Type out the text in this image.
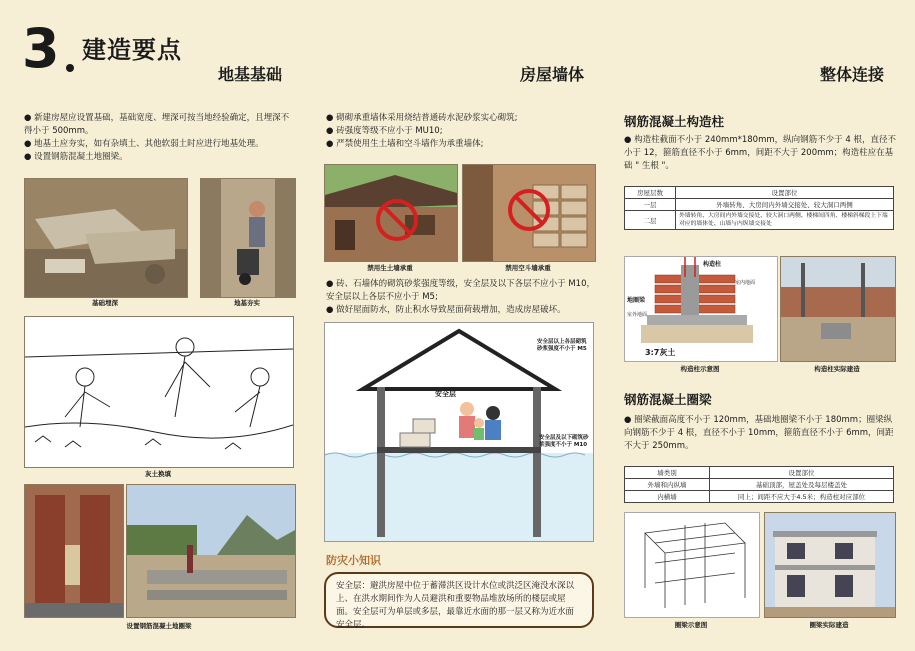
3 建造要点
地基基础	房屋墙体	整体连接
● 新建房屋应设置基础，基础宽度、埋深可按当地经验确定，且埋深不得小于 500mm。
● 地基土应夯实，如有杂填土、其他软弱土时应进行地基处理。
● 设置钢筋混凝土地圈梁。
基础埋深	地基夯实
灰土换填
设置钢筋混凝土地圈梁
● 砌砌承重墙体采用烧结普通砖水泥砂浆实心砌筑;
● 砖强度等级不应小于 MU10;
● 严禁使用生土墙和空斗墙作为承重墙体;
禁用生土墙承重	禁用空斗墙承重
● 砖、石墙体的砌筑砂浆强度等级，安全层及以下各层不应小于 M10，安全层以上各层不应小于 M5;
● 做好屋面防水，防止积水导致屋面荷载增加，造成房屋破坏。
安全层以上各层砌筑砂浆强度不小于 M5
安全层
安全层及以下砌筑砂浆强度不小于 M10
防灾小知识
安全层：避洪房屋中位于蓄滞洪区设计水位或洪泛区淹没水深以上、在洪水期间作为人员避洪和重要物品堆放场所的楼层或屋面。安全层可为单层或多层，最靠近水面的那一层又称为近水面安全层。
钢筋混凝土构造柱
● 构造柱截面不小于 240mm*180mm，纵向钢筋不少于 4 根，直径不小于 12，箍筋直径不小于 6mm，间距不大于 200mm；构造柱应在基础 " 生根 "。
房屋层数	设置部位
一层	外墙转角、大房间内外墙交接处、较大洞口两侧
二层	外墙转角、大房间内外墙交接处、较大洞口两侧、楼梯间四角、楼梯斜梯段上下端对应的墙体处、山墙与内纵墙交接处
构造柱
室内地面
地圈梁
室外地面
3:7灰土
构造柱示意图	构造柱实际建造
钢筋混凝土圈梁
● 圈梁截面高度不小于 120mm，基础地圈梁不小于 180mm；圈梁纵向钢筋不少于 4 根，直径不小于 10mm，箍筋直径不小于 6mm，间距不大于 250mm。
墙类别	设置部位
外墙和内纵墙	基础顶部，屋盖处及每层楼盖处
内横墙	同上；间距不应大于4.5米；构造柱对应部位
圈梁示意图	圈梁实际建造
